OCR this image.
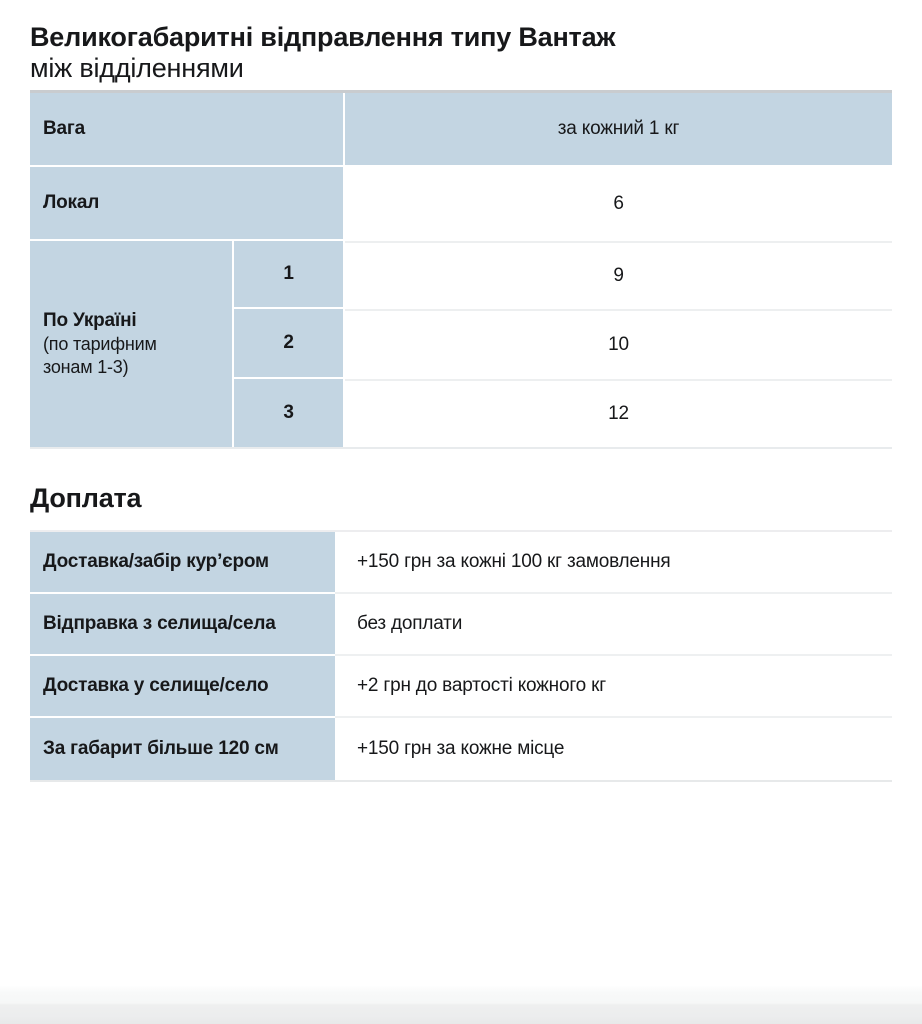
Великогабаритні відправлення типу Вантаж
між відділеннями
Вага	за кожний 1 кг
Локал	6
По Україні
(по тарифним зонам 1-3)
1	9
2	10
3	12
Доплата
Доставка/забір кур’єром	+150 грн за кожні 100 кг замовлення
Відправка з селища/села	без доплати
Доставка у селище/село	+2 грн до вартості кожного кг
За габарит більше 120 см	+150 грн за кожне місце
